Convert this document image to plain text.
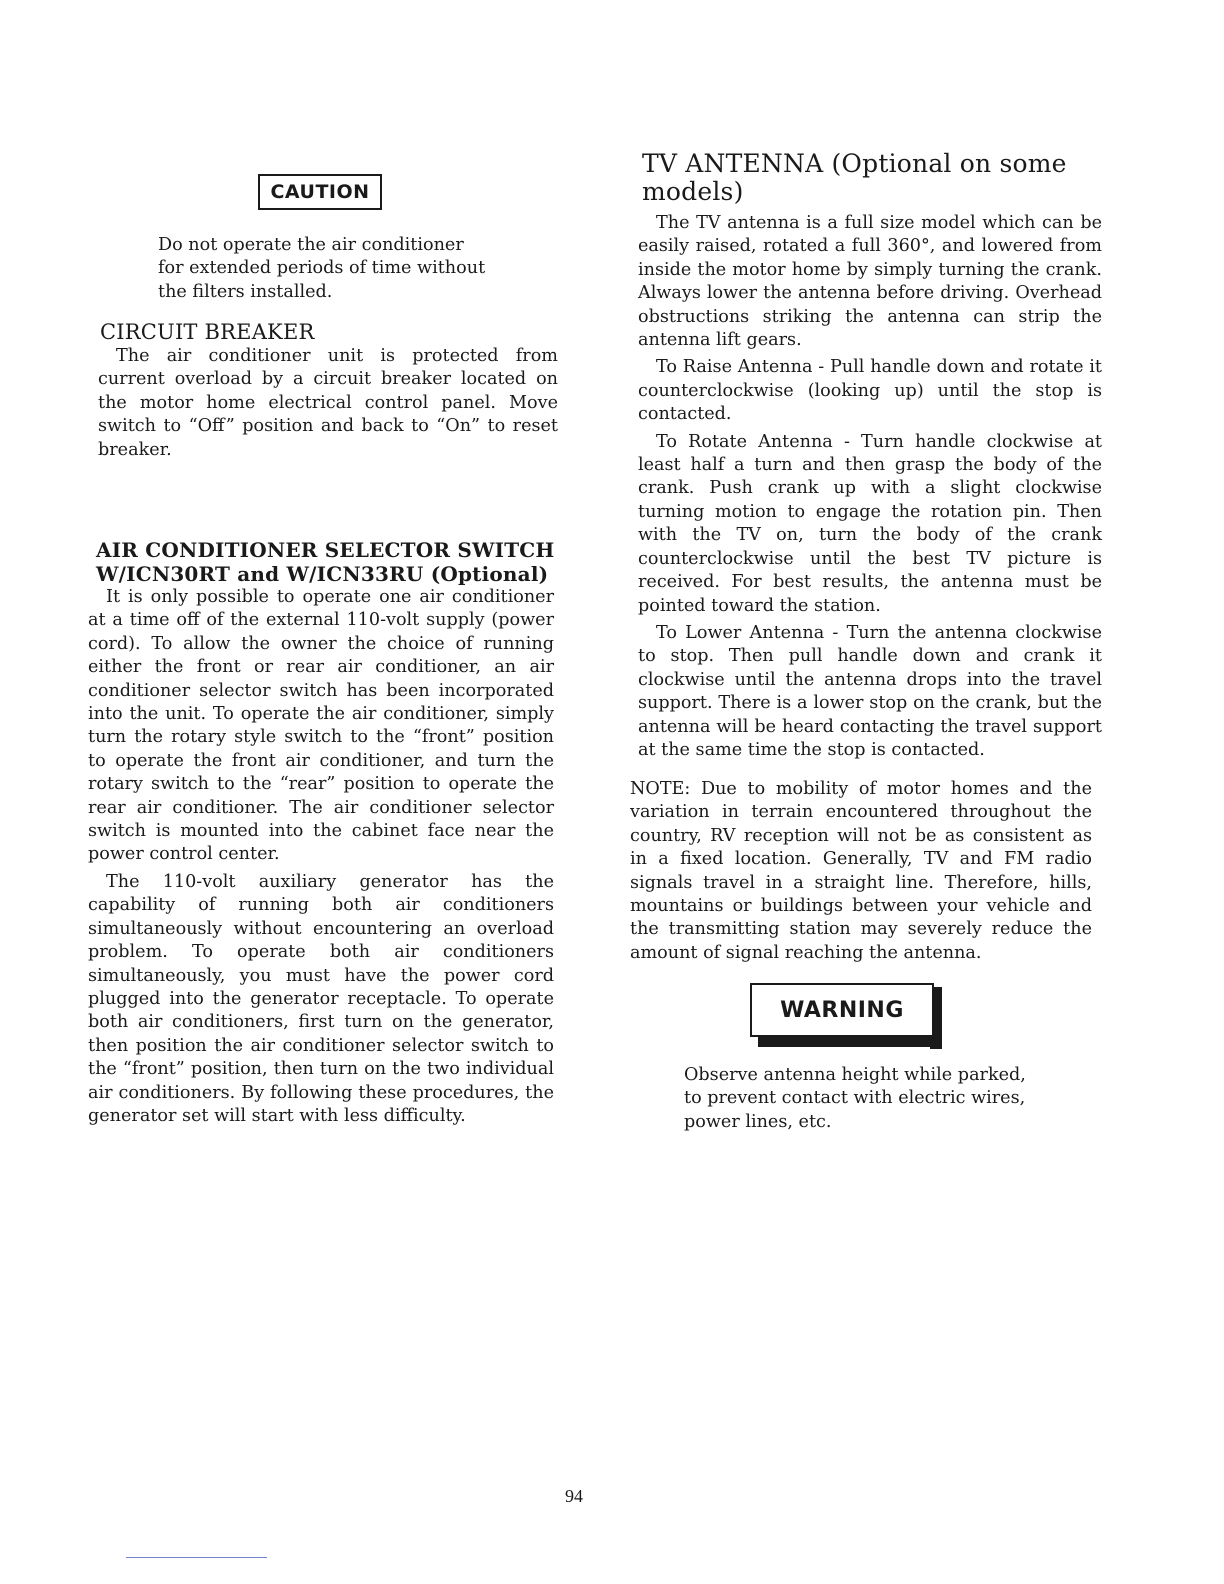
CAUTION

Do not operate the air conditioner

for extended periods of time without

the filters installed.

CIRCUIT BREAKER

The air conditioner unit is protected from current overload by a circuit breaker located on the motor home electrical control panel. Move switch to “Off” position and back to “On” to reset breaker.

AIR CONDITIONER SELECTOR SWITCH
W/ICN30RT and W/ICN33RU (Optional)

It is only possible to operate one air conditioner at a time off of the external 110-volt supply (power cord). To allow the owner the choice of running either the front or rear air conditioner, an air conditioner selector switch has been incorporated into the unit. To operate the air conditioner, simply turn the rotary style switch to the “front” position to operate the front air conditioner, and turn the rotary switch to the “rear” position to operate the rear air conditioner. The air conditioner selector switch is mounted into the cabinet face near the power control center.

The 110-volt auxiliary generator has the capability of running both air conditioners simultaneously without encountering an overload problem. To operate both air conditioners simultaneously, you must have the power cord plugged into the generator receptacle. To operate both air conditioners, first turn on the generator, then position the air conditioner selector switch to the “front” position, then turn on the two individual air conditioners. By following these procedures, the generator set will start with less difficulty.

TV ANTENNA (Optional on some
models)

The TV antenna is a full size model which can be easily raised, rotated a full 360°, and lowered from inside the motor home by simply turning the crank. Always lower the antenna before driving. Overhead obstructions striking the antenna can strip the antenna lift gears.

To Raise Antenna - Pull handle down and rotate it counterclockwise (looking up) until the stop is contacted.

To Rotate Antenna - Turn handle clockwise at least half a turn and then grasp the body of the crank. Push crank up with a slight clockwise turning motion to engage the rotation pin. Then with the TV on, turn the body of the crank counterclockwise until the best TV picture is received. For best results, the antenna must be pointed toward the station.

To Lower Antenna - Turn the antenna clockwise to stop. Then pull handle down and crank it clockwise until the antenna drops into the travel support. There is a lower stop on the crank, but the antenna will be heard contacting the travel support at the same time the stop is contacted.

NOTE: Due to mobility of motor homes and the variation in terrain encountered throughout the country, RV reception will not be as consistent as in a fixed location. Generally, TV and FM radio signals travel in a straight line. Therefore, hills, mountains or buildings between your vehicle and the transmitting station may severely reduce the amount of signal reaching the antenna.

WARNING

Observe antenna height while parked,

to prevent contact with electric wires,

power lines, etc.

94
